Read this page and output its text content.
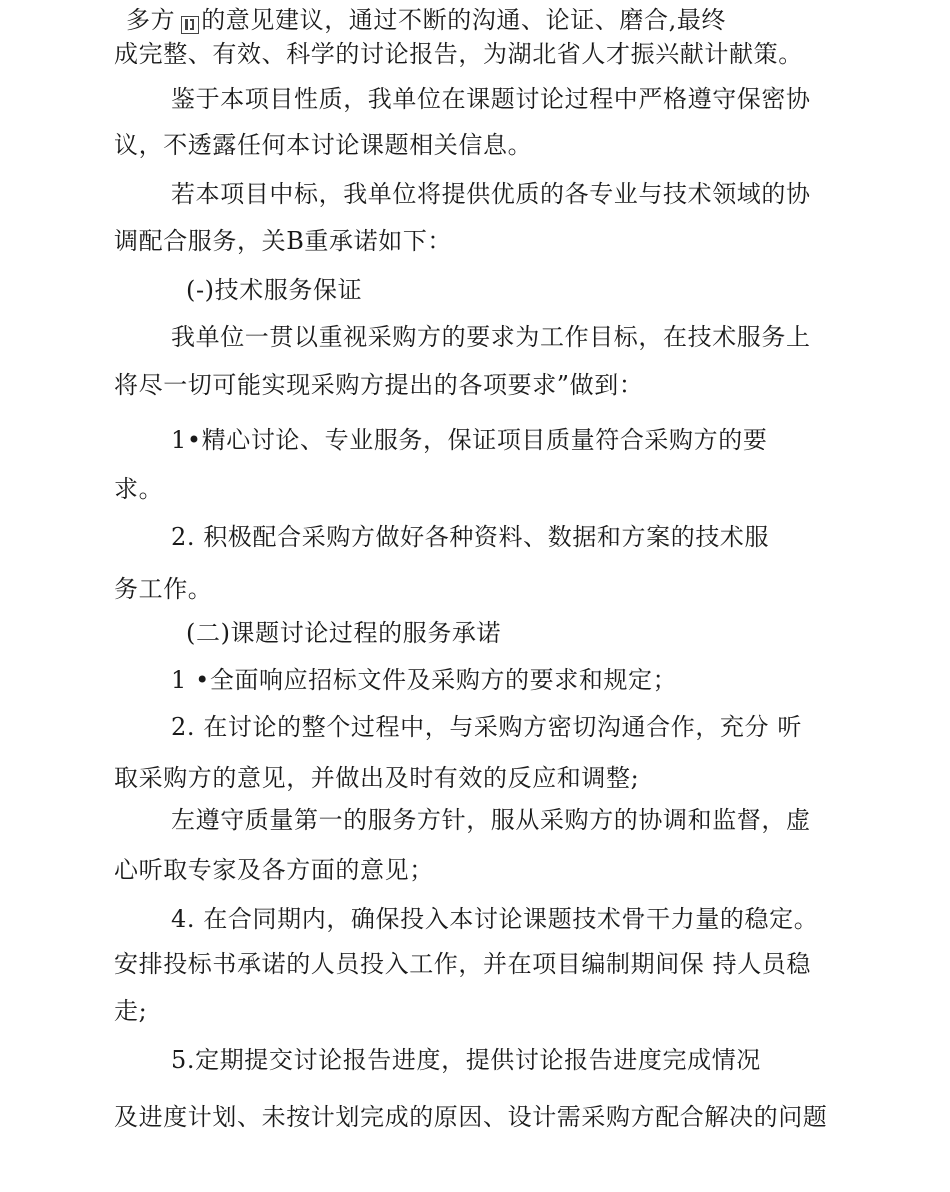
多方 的意见建议，通过不断的沟通、论证、磨合,最终
成完整、有效、科学的讨论报告，为湖北省人才振兴献计献策。
鉴于本项目性质，我单位在课题讨论过程中严格遵守保密协
议，不透露任何本讨论课题相关信息。
若本项目中标，我单位将提供优质的各专业与技术领域的协
调配合服务，关B重承诺如下：
(-)技术服务保证
我单位一贯以重视采购方的要求为工作目标，在技术服务上
将尽一切可能实现采购方提出的各项要求”做到：
1•精心讨论、专业服务，保证项目质量符合采购方的要
求。
2. 积极配合采购方做好各种资料、数据和方案的技术服
务工作。
(二)课题讨论过程的服务承诺
1 •全面响应招标文件及采购方的要求和规定；
2. 在讨论的整个过程中，与采购方密切沟通合作，充分 听
取采购方的意见，并做出及时有效的反应和调整;
左遵守质量第一的服务方针，服从采购方的协调和监督，虚
心听取专家及各方面的意见；
4. 在合同期内，确保投入本讨论课题技术骨干力量的稳定。
安排投标书承诺的人员投入工作，并在项目编制期间保 持人员稳
走;
5.定期提交讨论报告进度，提供讨论报告进度完成情况
及进度计划、未按计划完成的原因、设计需采购方配合解决的问题
